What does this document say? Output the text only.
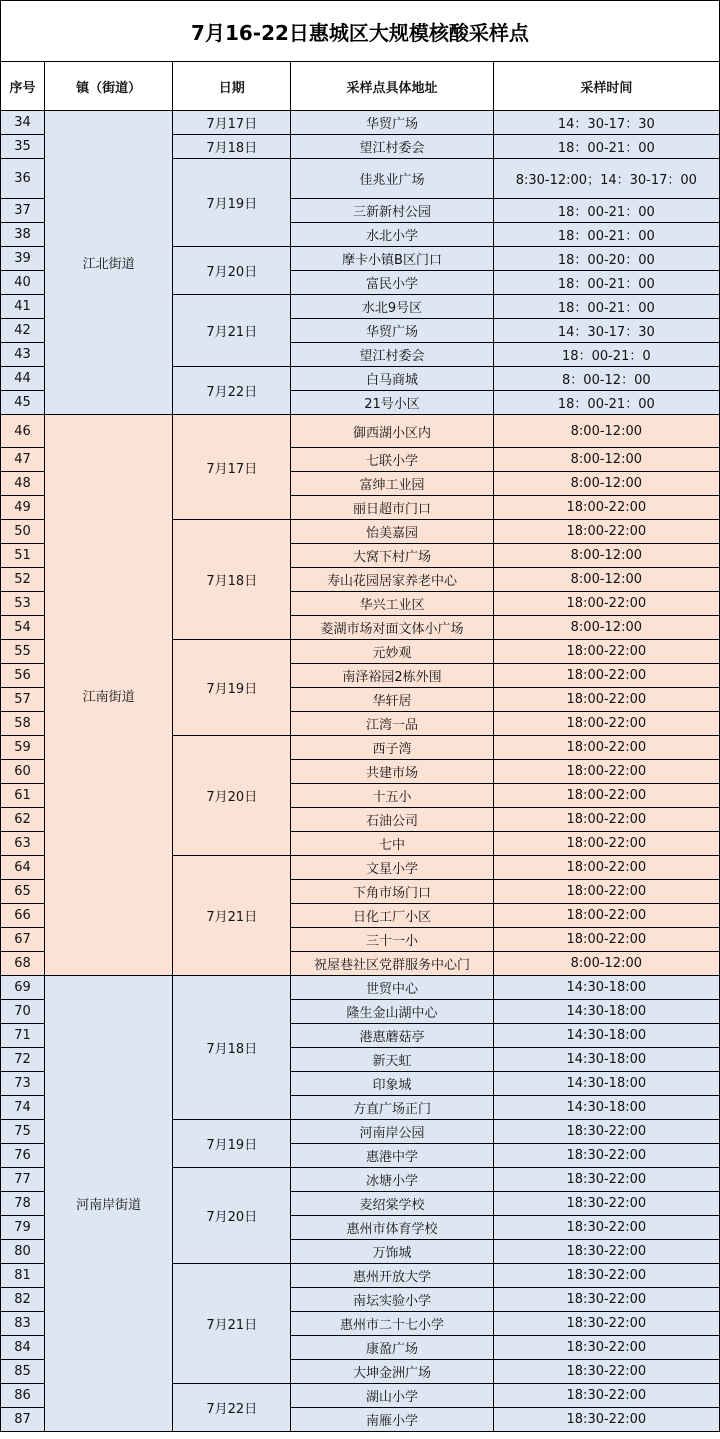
7月16-22日惠城区大规模核酸采样点
序号	镇（街道）	日期	采样点具体地址	采样时间
34	江北街道	7月17日	华贸广场	14：30-17：30
35		7月18日	望江村委会	18：00-21：00
36		7月19日	佳兆业广场	8:30-12:00；14：30-17：00
37			三新新村公园	18：00-21：00
38			水北小学	18：00-21：00
39		7月20日	摩卡小镇B区门口	18：00-20：00
40			富民小学	18：00-21：00
41		7月21日	水北9号区	18：00-21：00
42			华贸广场	14：30-17：30
43			望江村委会	18：00-21：0
44		7月22日	白马商城	8：00-12：00
45			21号小区	18：00-21：00
46	江南街道	7月17日	御西湖小区内	8:00-12:00
47			七联小学	8:00-12:00
48			富绅工业园	8:00-12:00
49			丽日超市门口	18:00-22:00
50		7月18日	怡美嘉园	18:00-22:00
51			大窝下村广场	8:00-12:00
52			寿山花园居家养老中心	8:00-12:00
53			华兴工业区	18:00-22:00
54			菱湖市场对面文体小广场	8:00-12:00
55		7月19日	元妙观	18:00-22:00
56			南泽裕园2栋外围	18:00-22:00
57			华轩居	18:00-22:00
58			江湾一品	18:00-22:00
59		7月20日	西子湾	18:00-22:00
60			共建市场	18:00-22:00
61			十五小	18:00-22:00
62			石油公司	18:00-22:00
63			七中	18:00-22:00
64		7月21日	文星小学	18:00-22:00
65			下角市场门口	18:00-22:00
66			日化工厂小区	18:00-22:00
67			三十一小	18:00-22:00
68			祝屋巷社区党群服务中心门	8:00-12:00
69	河南岸街道	7月18日	世贸中心	14:30-18:00
70			隆生金山湖中心	14:30-18:00
71			港惠蘑菇亭	14:30-18:00
72			新天虹	14:30-18:00
73			印象城	14:30-18:00
74			方直广场正门	14:30-18:00
75		7月19日	河南岸公园	18:30-22:00
76			惠港中学	18:30-22:00
77		7月20日	冰塘小学	18:30-22:00
78			麦绍棠学校	18:30-22:00
79			惠州市体育学校	18:30-22:00
80			万饰城	18:30-22:00
81		7月21日	惠州开放大学	18:30-22:00
82			南坛实验小学	18:30-22:00
83			惠州市二十七小学	18:30-22:00
84			康盈广场	18:30-22:00
85			大坤金洲广场	18:30-22:00
86		7月22日	湖山小学	18:30-22:00
87			南雁小学	18:30-22:00
